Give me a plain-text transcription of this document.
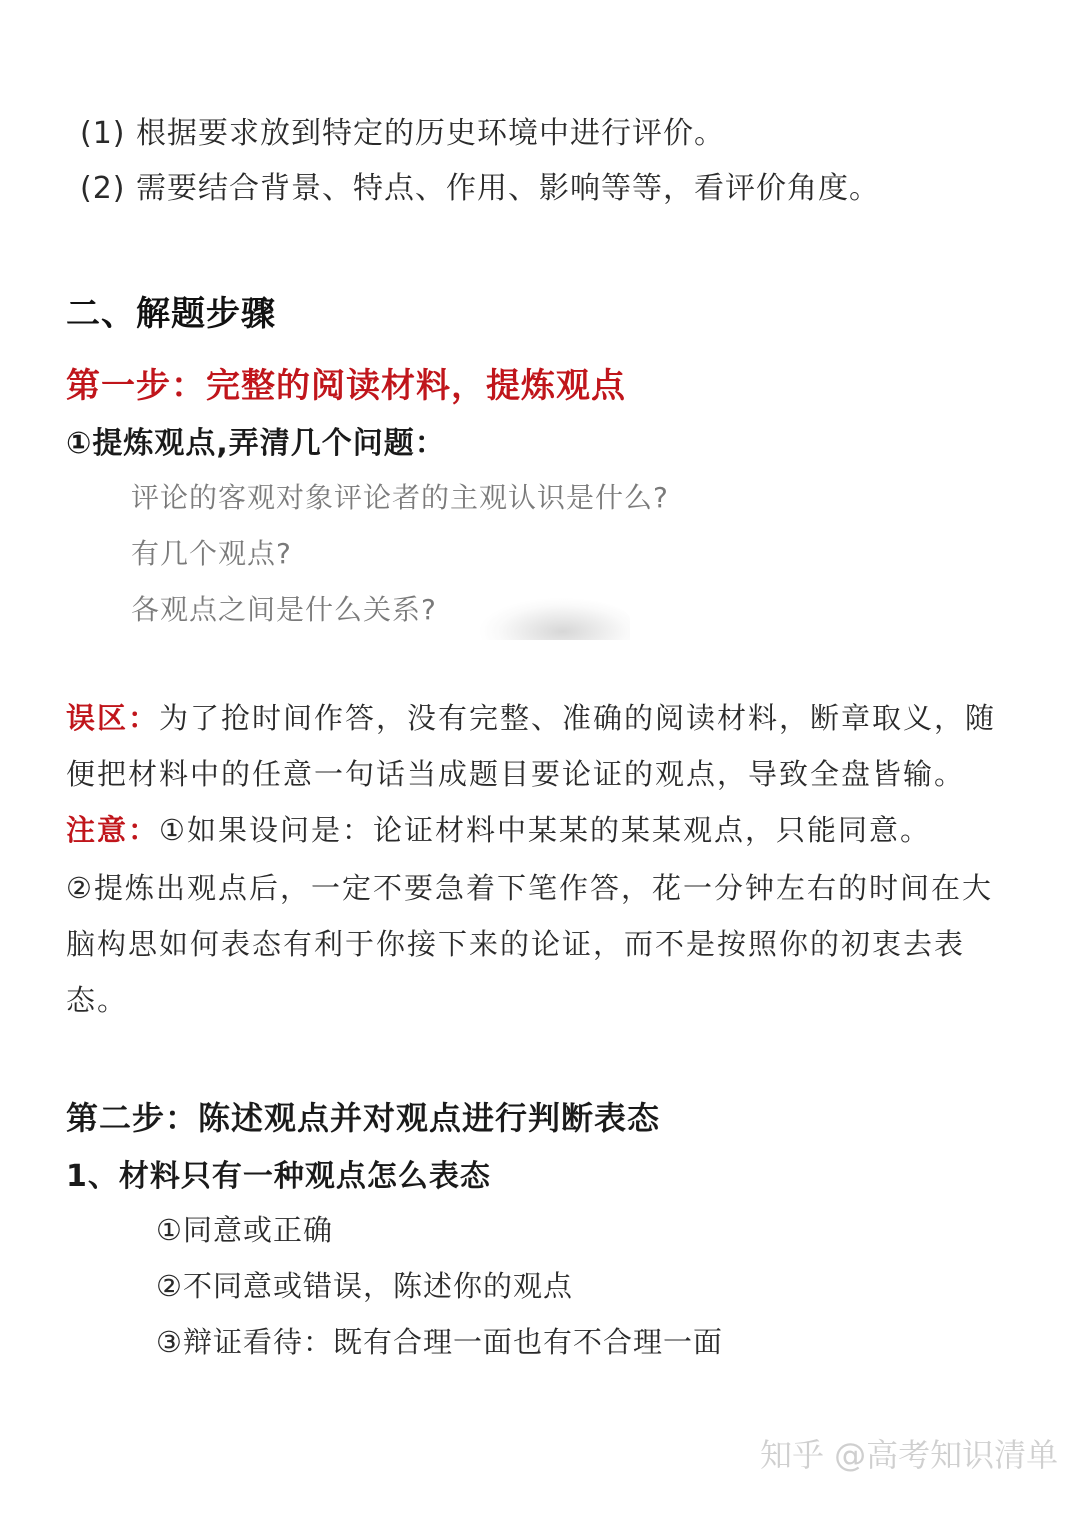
(1) 根据要求放到特定的历史环境中进行评价。
(2) 需要结合背景、特点、作用、影响等等，看评价角度。
二、解题步骤
第一步：完整的阅读材料，提炼观点
①提炼观点,弄清几个问题：
评论的客观对象评论者的主观认识是什么?
有几个观点?
各观点之间是什么关系?
误区：为了抢时间作答，没有完整、准确的阅读材料，断章取义，随
便把材料中的任意一句话当成题目要论证的观点，导致全盘皆输。
注意：①如果设问是：论证材料中某某的某某观点，只能同意。
②提炼出观点后，一定不要急着下笔作答，花一分钟左右的时间在大
脑构思如何表态有利于你接下来的论证，而不是按照你的初衷去表
态。
第二步：陈述观点并对观点进行判断表态
1、材料只有一种观点怎么表态
①同意或正确
②不同意或错误，陈述你的观点
③辩证看待：既有合理一面也有不合理一面
知乎 @高考知识清单
